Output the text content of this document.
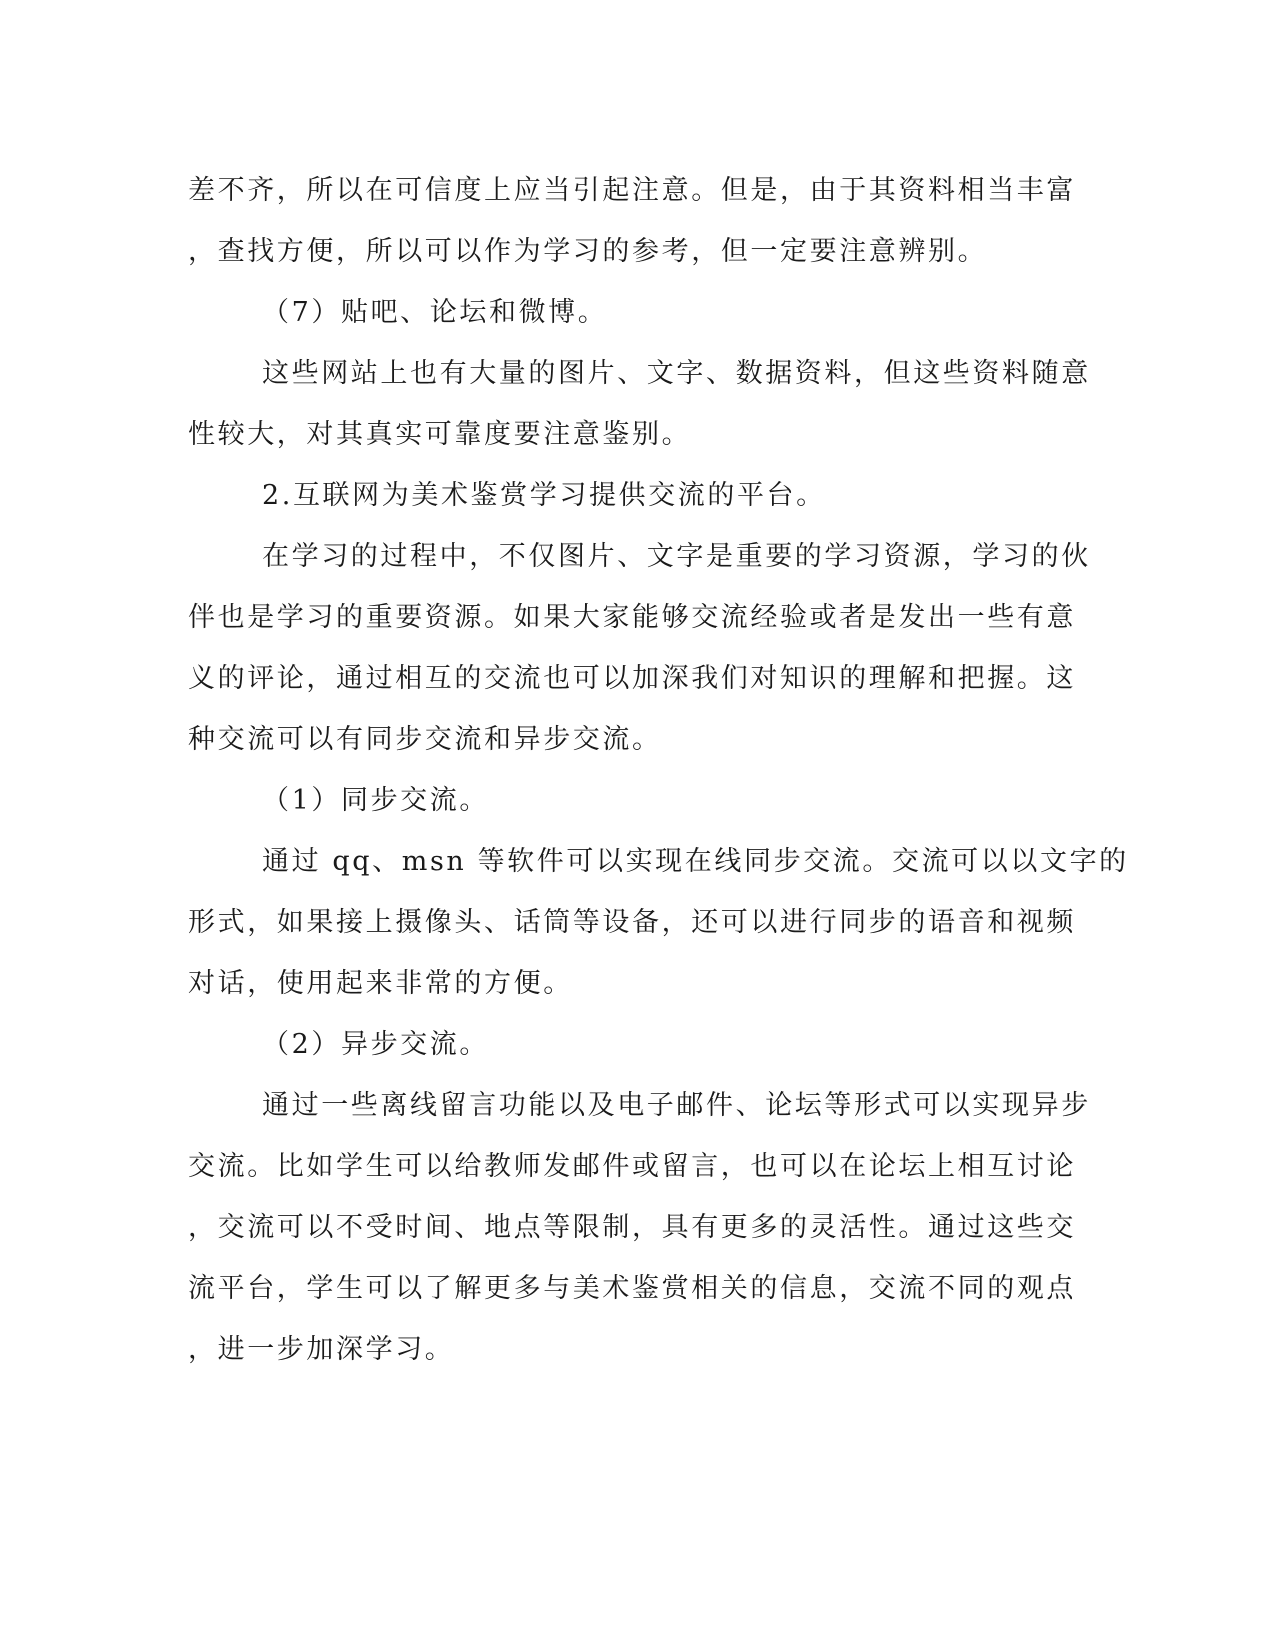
差不齐，所以在可信度上应当引起注意。但是，由于其资料相当丰富
，查找方便，所以可以作为学习的参考，但一定要注意辨别。
（7）贴吧、论坛和微博。
这些网站上也有大量的图片、文字、数据资料，但这些资料随意
性较大，对其真实可靠度要注意鉴别。
2.互联网为美术鉴赏学习提供交流的平台。
在学习的过程中，不仅图片、文字是重要的学习资源，学习的伙
伴也是学习的重要资源。如果大家能够交流经验或者是发出一些有意
义的评论，通过相互的交流也可以加深我们对知识的理解和把握。这
种交流可以有同步交流和异步交流。
（1）同步交流。
通过 qq、msn 等软件可以实现在线同步交流。交流可以以文字的
形式，如果接上摄像头、话筒等设备，还可以进行同步的语音和视频
对话，使用起来非常的方便。
（2）异步交流。
通过一些离线留言功能以及电子邮件、论坛等形式可以实现异步
交流。比如学生可以给教师发邮件或留言，也可以在论坛上相互讨论
，交流可以不受时间、地点等限制，具有更多的灵活性。通过这些交
流平台，学生可以了解更多与美术鉴赏相关的信息，交流不同的观点
，进一步加深学习。
